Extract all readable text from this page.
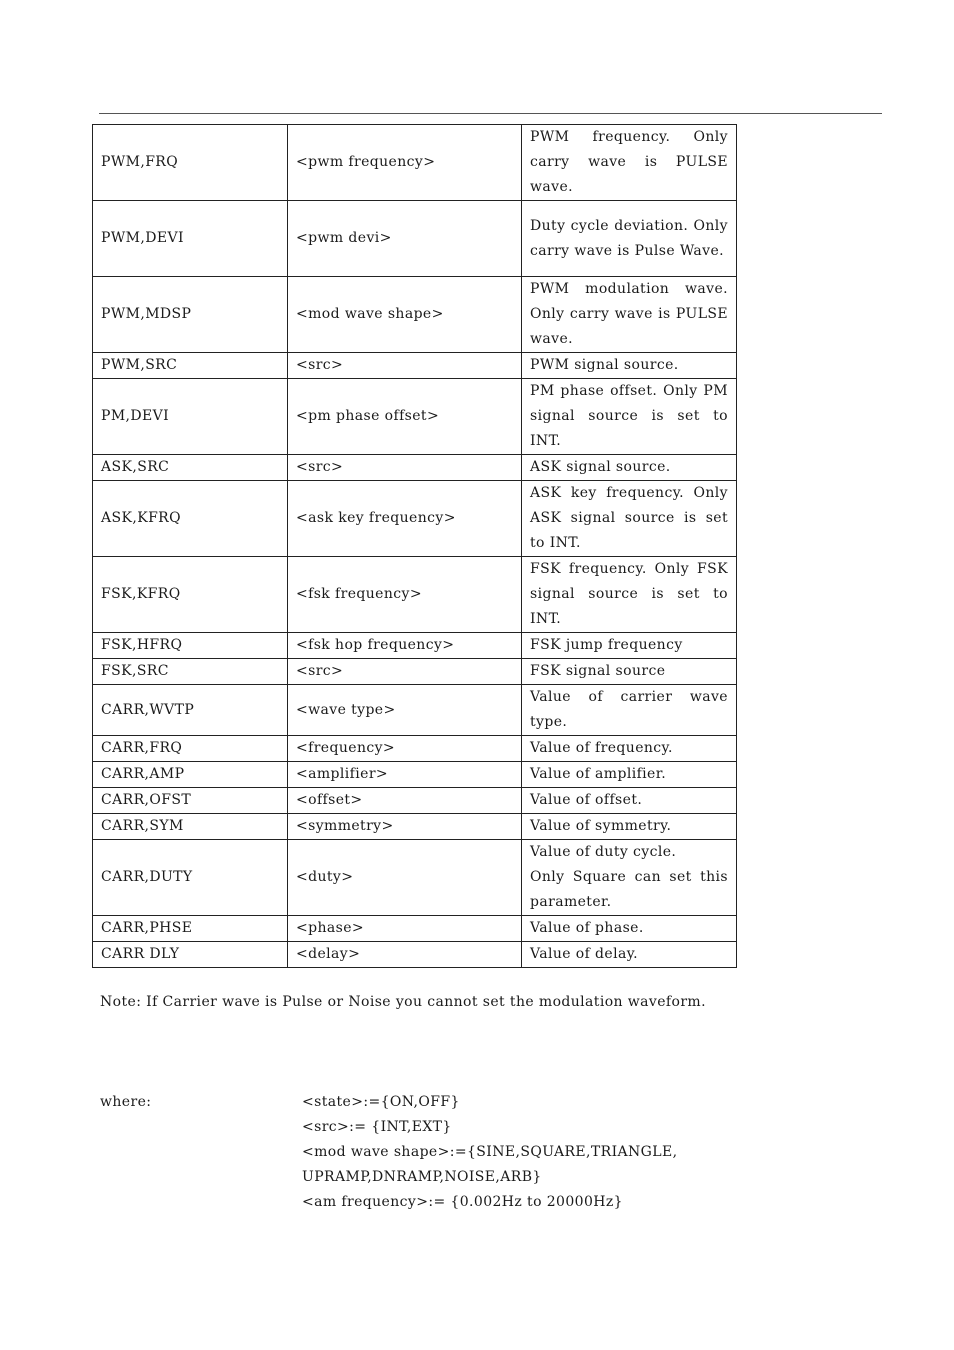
PWM,FRQ	<pwm frequency>	PWM frequency. Only carry wave is PULSE wave.
PWM,DEVI	<pwm devi>	Duty cycle deviation. Only carry wave is Pulse Wave.
PWM,MDSP	<mod wave shape>	PWM modulation wave. Only carry wave is PULSE wave.
PWM,SRC	<src>	PWM signal source.
PM,DEVI	<pm phase offset>	PM phase offset. Only PM signal source is set to INT.
ASK,SRC	<src>	ASK signal source.
ASK,KFRQ	<ask key frequency>	ASK key frequency. Only ASK signal source is set to INT.
FSK,KFRQ	<fsk frequency>	FSK frequency. Only FSK signal source is set to INT.
FSK,HFRQ	<fsk hop frequency>	FSK jump frequency
FSK,SRC	<src>	FSK signal source
CARR,WVTP	<wave type>	Value of carrier wave type.
CARR,FRQ	<frequency>	Value of frequency.
CARR,AMP	<amplifier>	Value of amplifier.
CARR,OFST	<offset>	Value of offset.
CARR,SYM	<symmetry>	Value of symmetry.
CARR,DUTY	<duty>	Value of duty cycle.
Only Square can set this parameter.

CARR,PHSE	<phase>	Value of phase.
CARR DLY	<delay>	Value of delay.
Note: If Carrier wave is Pulse or Noise you cannot set the modulation waveform.
where:	<state>:={ON,OFF}
<src>:= {INT,EXT}
<mod wave shape>:={SINE,SQUARE,TRIANGLE,
UPRAMP,DNRAMP,NOISE,ARB}
<am frequency>:= {0.002Hz to 20000Hz}
